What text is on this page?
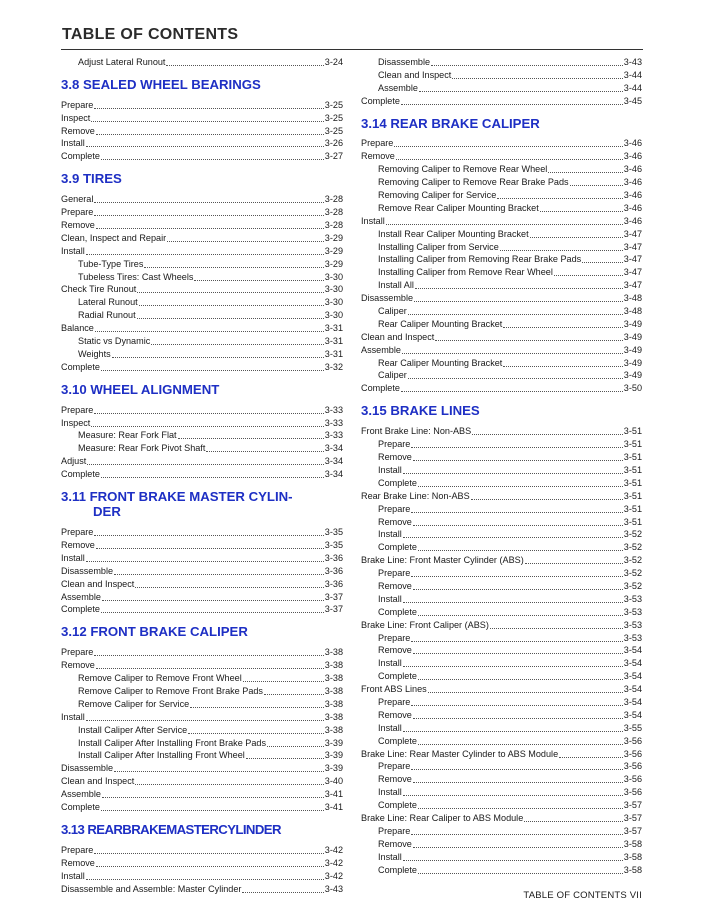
TABLE OF CONTENTS
Adjust Lateral Runout	3-24
3.8 SEALED WHEEL BEARINGS
Prepare	3-25
Inspect	3-25
Remove	3-25
Install	3-26
Complete	3-27
3.9 TIRES
General	3-28
Prepare	3-28
Remove	3-28
Clean, Inspect and Repair	3-29
Install	3-29
Tube-Type Tires	3-29
Tubeless Tires: Cast Wheels	3-30
Check Tire Runout	3-30
Lateral Runout	3-30
Radial Runout	3-30
Balance	3-31
Static vs Dynamic	3-31
Weights	3-31
Complete	3-32
3.10 WHEEL ALIGNMENT
Prepare	3-33
Inspect	3-33
Measure: Rear Fork Flat	3-33
Measure: Rear Fork Pivot Shaft	3-34
Adjust	3-34
Complete	3-34
3.11 FRONT BRAKE MASTER CYLIN-
DER
Prepare	3-35
Remove	3-35
Install	3-36
Disassemble	3-36
Clean and Inspect	3-36
Assemble	3-37
Complete	3-37
3.12 FRONT BRAKE CALIPER
Prepare	3-38
Remove	3-38
Remove Caliper to Remove Front Wheel	3-38
Remove Caliper to Remove Front Brake Pads	3-38
Remove Caliper for Service	3-38
Install	3-38
Install Caliper After Service	3-38
Install Caliper After Installing Front Brake Pads	3-39
Install Caliper After Installing Front Wheel	3-39
Disassemble	3-39
Clean and Inspect	3-40
Assemble	3-41
Complete	3-41
3.13 REARBRAKEMASTERCYLINDER
Prepare	3-42
Remove	3-42
Install	3-42
Disassemble and Assemble: Master Cylinder	3-43
Disassemble	3-43
Clean and Inspect	3-44
Assemble	3-44
Complete	3-45
3.14 REAR BRAKE CALIPER
Prepare	3-46
Remove	3-46
Removing Caliper to Remove Rear Wheel	3-46
Removing Caliper to Remove Rear Brake Pads	3-46
Removing Caliper for Service	3-46
Remove Rear Caliper Mounting Bracket	3-46
Install	3-46
Install Rear Caliper Mounting Bracket	3-47
Installing Caliper from Service	3-47
Installing Caliper from Removing Rear Brake Pads	3-47
Installing Caliper from Remove Rear Wheel	3-47
Install All	3-47
Disassemble	3-48
Caliper	3-48
Rear Caliper Mounting Bracket	3-49
Clean and Inspect	3-49
Assemble	3-49
Rear Caliper Mounting Bracket	3-49
Caliper	3-49
Complete	3-50
3.15 BRAKE LINES
Front Brake Line: Non-ABS	3-51
Prepare	3-51
Remove	3-51
Install	3-51
Complete	3-51
Rear Brake Line: Non-ABS	3-51
Prepare	3-51
Remove	3-51
Install	3-52
Complete	3-52
Brake Line: Front Master Cylinder (ABS)	3-52
Prepare	3-52
Remove	3-52
Install	3-53
Complete	3-53
Brake Line: Front Caliper (ABS)	3-53
Prepare	3-53
Remove	3-54
Install	3-54
Complete	3-54
Front ABS Lines	3-54
Prepare	3-54
Remove	3-54
Install	3-55
Complete	3-56
Brake Line: Rear Master Cylinder to ABS Module	3-56
Prepare	3-56
Remove	3-56
Install	3-56
Complete	3-57
Brake Line: Rear Caliper to ABS Module	3-57
Prepare	3-57
Remove	3-58
Install	3-58
Complete	3-58
TABLE OF CONTENTS VII
